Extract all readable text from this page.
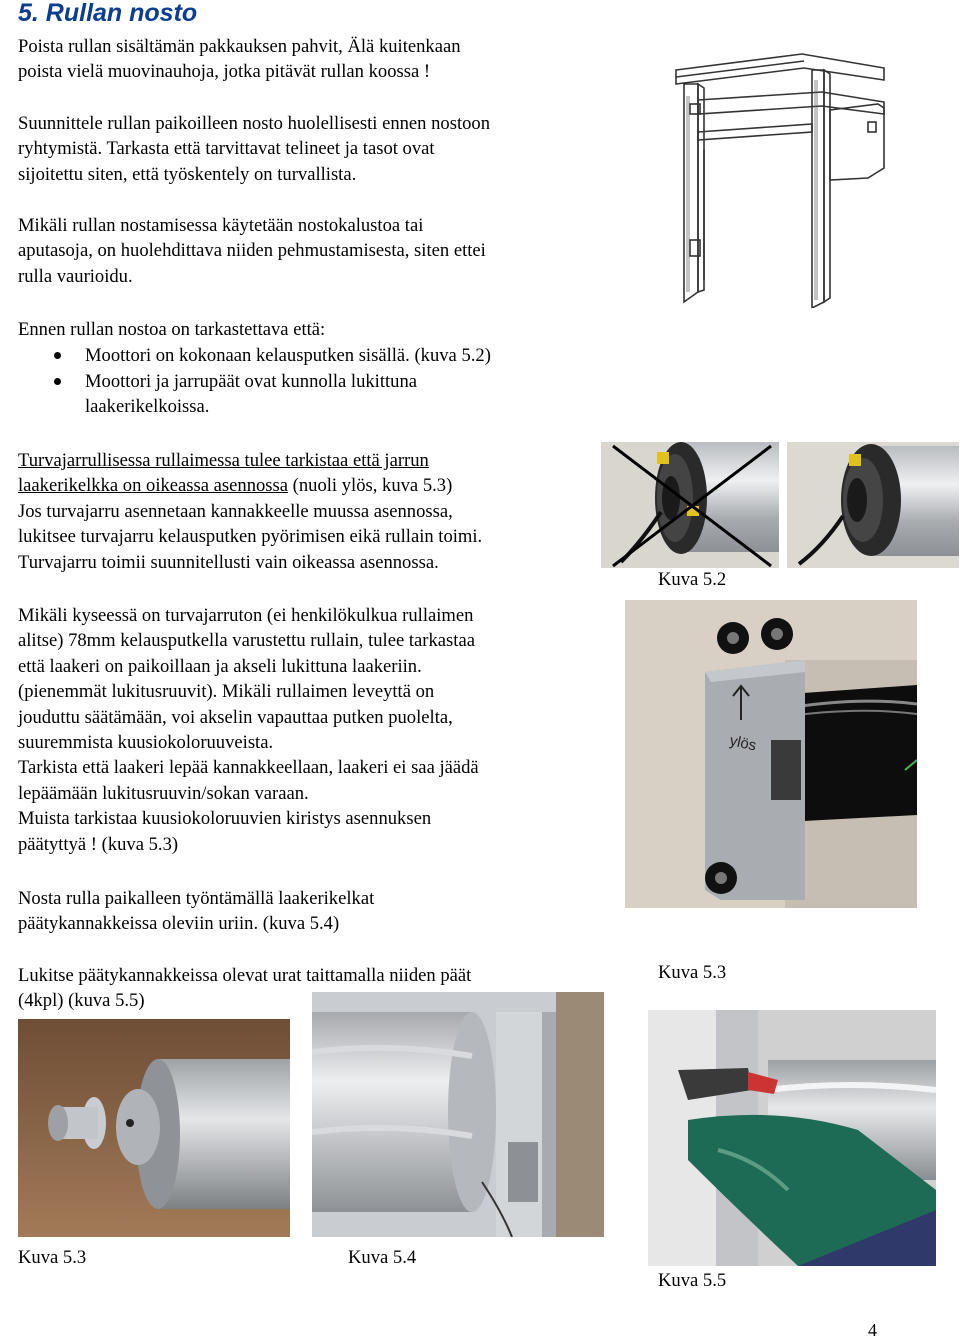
5. Rullan nosto
Poista rullan sisältämän pakkauksen pahvit, Älä kuitenkaan
poista vielä muovinauhoja, jotka pitävät rullan koossa !
Suunnittele rullan paikoilleen nosto huolellisesti ennen nostoon
ryhtymistä. Tarkasta että tarvittavat telineet ja tasot ovat
sijoitettu siten, että työskentely on turvallista.
Mikäli rullan nostamisessa käytetään nostokalustoa tai
aputasoja, on huolehdittava niiden pehmustamisesta, siten ettei
rulla vaurioidu.
Ennen rullan nostoa on tarkastettava että:
Moottori on kokonaan kelausputken sisällä. (kuva 5.2)
Moottori ja jarrupäät ovat kunnolla lukittuna
laakerikelkoissa.
Turvajarrullisessa rullaimessa tulee tarkistaa että jarrun
laakerikelkka on oikeassa asennossa (nuoli ylös, kuva 5.3)
Jos turvajarru asennetaan kannakkeelle muussa asennossa,
lukitsee turvajarru kelausputken pyörimisen eikä rullain toimi.
Turvajarru toimii suunnitellusti vain oikeassa asennossa.
Mikäli kyseessä on turvajarruton (ei henkilökulkua rullaimen
alitse) 78mm kelausputkella varustettu rullain, tulee tarkastaa
että laakeri on paikoillaan ja akseli lukittuna laakeriin.
(pienemmät lukitusruuvit). Mikäli rullaimen leveyttä on
jouduttu säätämään, voi akselin vapauttaa putken puolelta,
suuremmista kuusiokoloruuveista.
Tarkista että laakeri lepää kannakkeellaan, laakeri ei saa jäädä
lepäämään lukitusruuvin/sokan varaan.
Muista tarkistaa kuusiokoloruuvien kiristys asennuksen
päätyttyä ! (kuva 5.3)
Nosta rulla paikalleen työntämällä laakerikelkat
päätykannakkeissa oleviin uriin. (kuva 5.4)
Lukitse päätykannakkeissa olevat urat taittamalla niiden päät
(4kpl) (kuva 5.5)
Kuva 5.2
ylös
Kuva 5.3
Kuva 5.3	Kuva 5.4
Kuva 5.5
4
